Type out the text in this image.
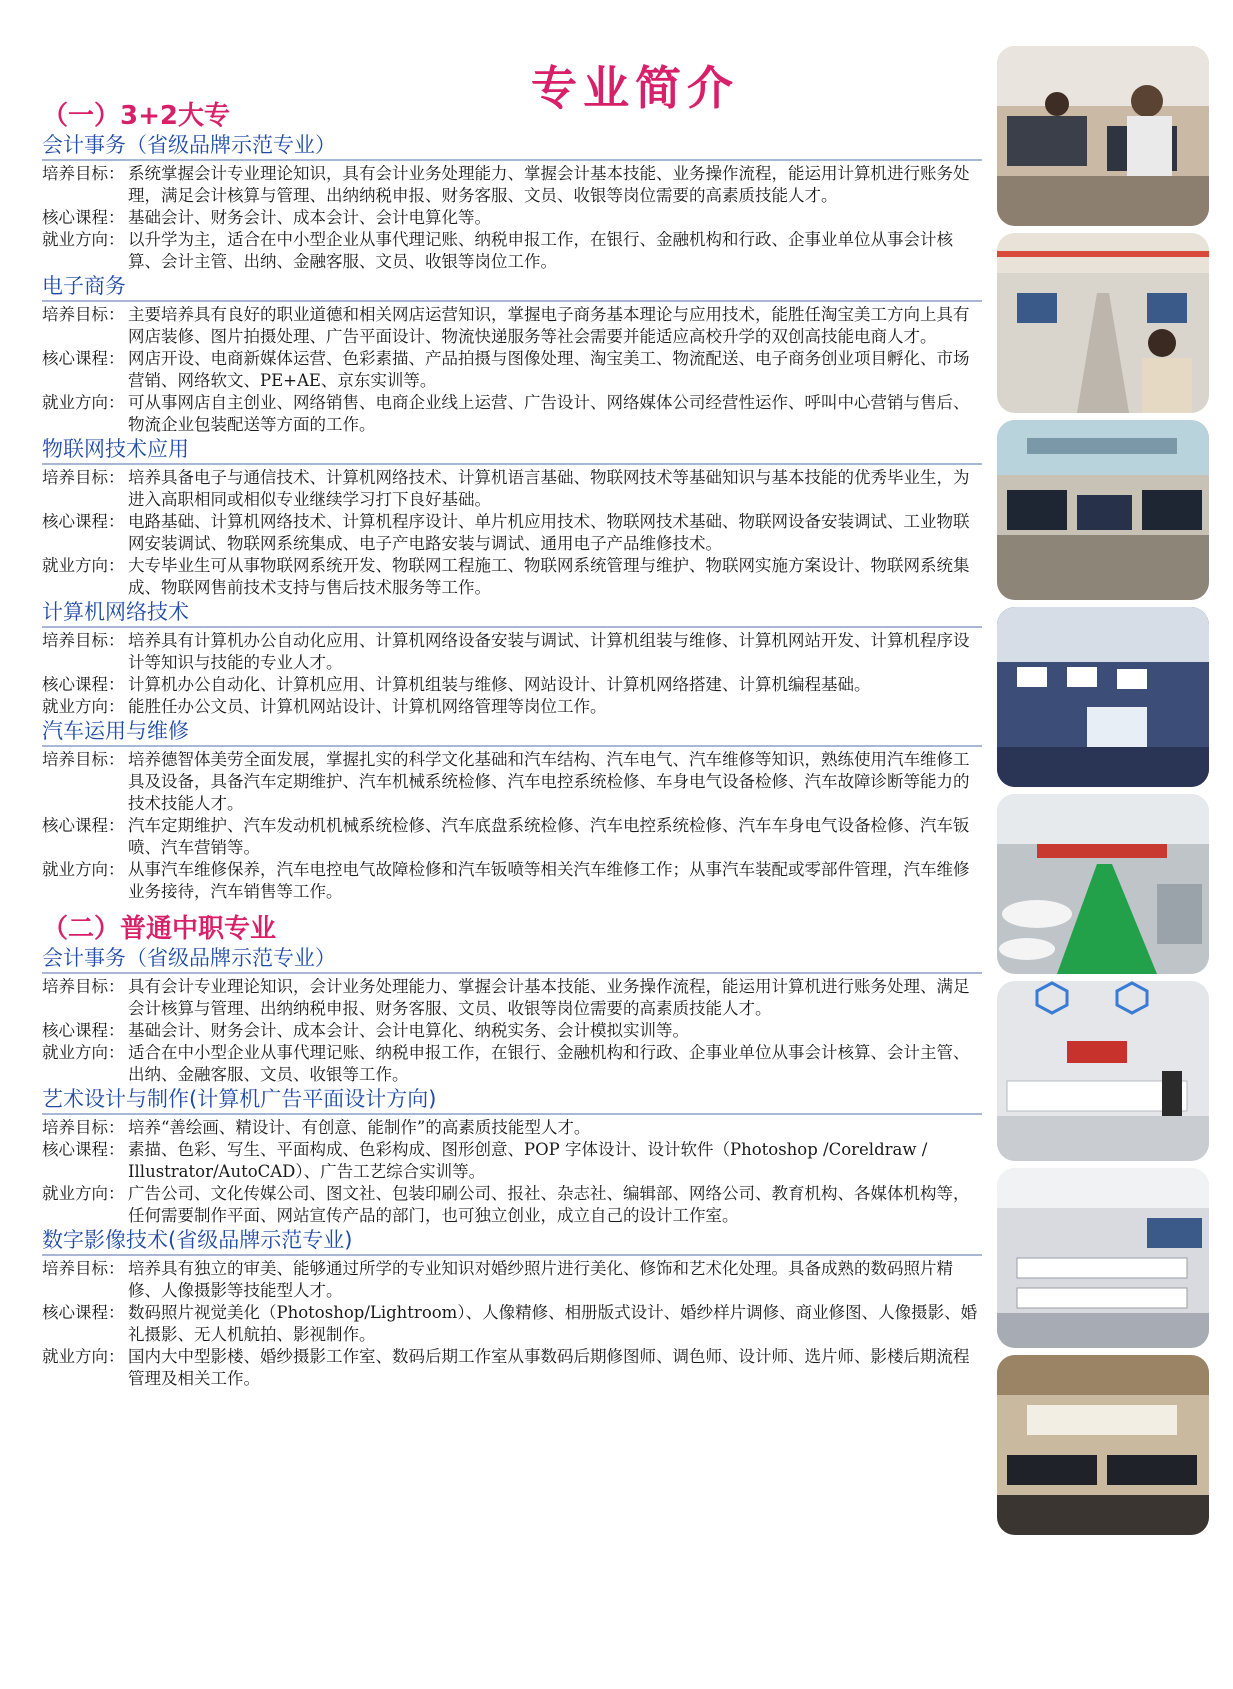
专业简介
（一）3+2大专
会计事务（省级品牌示范专业）
培养目标： 系统掌握会计专业理论知识，具有会计业务处理能力、掌握会计基本技能、业务操作流程，能运用计算机进行账务处理，满足会计核算与管理、出纳纳税申报、财务客服、文员、收银等岗位需要的高素质技能人才。
核心课程： 基础会计、财务会计、成本会计、会计电算化等。
就业方向： 以升学为主，适合在中小型企业从事代理记账、纳税申报工作，在银行、金融机构和行政、企事业单位从事会计核算、会计主管、出纳、金融客服、文员、收银等岗位工作。
电子商务
培养目标： 主要培养具有良好的职业道德和相关网店运营知识，掌握电子商务基本理论与应用技术，能胜任淘宝美工方向上具有网店装修、图片拍摄处理、广告平面设计、物流快递服务等社会需要并能适应高校升学的双创高技能电商人才。
核心课程： 网店开设、电商新媒体运营、色彩素描、产品拍摄与图像处理、淘宝美工、物流配送、电子商务创业项目孵化、市场营销、网络软文、PE+AE、京东实训等。
就业方向： 可从事网店自主创业、网络销售、电商企业线上运营、广告设计、网络媒体公司经营性运作、呼叫中心营销与售后、物流企业包装配送等方面的工作。
物联网技术应用
培养目标： 培养具备电子与通信技术、计算机网络技术、计算机语言基础、物联网技术等基础知识与基本技能的优秀毕业生，为进入高职相同或相似专业继续学习打下良好基础。
核心课程： 电路基础、计算机网络技术、计算机程序设计、单片机应用技术、物联网技术基础、物联网设备安装调试、工业物联网安装调试、物联网系统集成、电子产电路安装与调试、通用电子产品维修技术。
就业方向： 大专毕业生可从事物联网系统开发、物联网工程施工、物联网系统管理与维护、物联网实施方案设计、物联网系统集成、物联网售前技术支持与售后技术服务等工作。
计算机网络技术
培养目标： 培养具有计算机办公自动化应用、计算机网络设备安装与调试、计算机组装与维修、计算机网站开发、计算机程序设计等知识与技能的专业人才。
核心课程： 计算机办公自动化、计算机应用、计算机组装与维修、网站设计、计算机网络搭建、计算机编程基础。
就业方向： 能胜任办公文员、计算机网站设计、计算机网络管理等岗位工作。
汽车运用与维修
培养目标： 培养德智体美劳全面发展，掌握扎实的科学文化基础和汽车结构、汽车电气、汽车维修等知识，熟练使用汽车维修工具及设备，具备汽车定期维护、汽车机械系统检修、汽车电控系统检修、车身电气设备检修、汽车故障诊断等能力的技术技能人才。
核心课程： 汽车定期维护、汽车发动机机械系统检修、汽车底盘系统检修、汽车电控系统检修、汽车车身电气设备检修、汽车钣喷、汽车营销等。
就业方向： 从事汽车维修保养，汽车电控电气故障检修和汽车钣喷等相关汽车维修工作；从事汽车装配或零部件管理，汽车维修业务接待，汽车销售等工作。
（二）普通中职专业
会计事务（省级品牌示范专业）
培养目标： 具有会计专业理论知识，会计业务处理能力、掌握会计基本技能、业务操作流程，能运用计算机进行账务处理、满足会计核算与管理、出纳纳税申报、财务客服、文员、收银等岗位需要的高素质技能人才。
核心课程： 基础会计、财务会计、成本会计、会计电算化、纳税实务、会计模拟实训等。
就业方向： 适合在中小型企业从事代理记账、纳税申报工作，在银行、金融机构和行政、企事业单位从事会计核算、会计主管、出纳、金融客服、文员、收银等工作。
艺术设计与制作(计算机广告平面设计方向)
培养目标： 培养“善绘画、精设计、有创意、能制作”的高素质技能型人才。
核心课程： 素描、色彩、写生、平面构成、色彩构成、图形创意、POP 字体设计、设计软件（Photoshop /Coreldraw / Illustrator/AutoCAD）、广告工艺综合实训等。
就业方向： 广告公司、文化传媒公司、图文社、包装印刷公司、报社、杂志社、编辑部、网络公司、教育机构、各媒体机构等，任何需要制作平面、网站宣传产品的部门，也可独立创业，成立自己的设计工作室。
数字影像技术(省级品牌示范专业)
培养目标： 培养具有独立的审美、能够通过所学的专业知识对婚纱照片进行美化、修饰和艺术化处理。具备成熟的数码照片精修、人像摄影等技能型人才。
核心课程： 数码照片视觉美化（Photoshop/Lightroom）、人像精修、相册版式设计、婚纱样片调修、商业修图、人像摄影、婚礼摄影、无人机航拍、影视制作。
就业方向： 国内大中型影楼、婚纱摄影工作室、数码后期工作室从事数码后期修图师、调色师、设计师、选片师、影楼后期流程管理及相关工作。
